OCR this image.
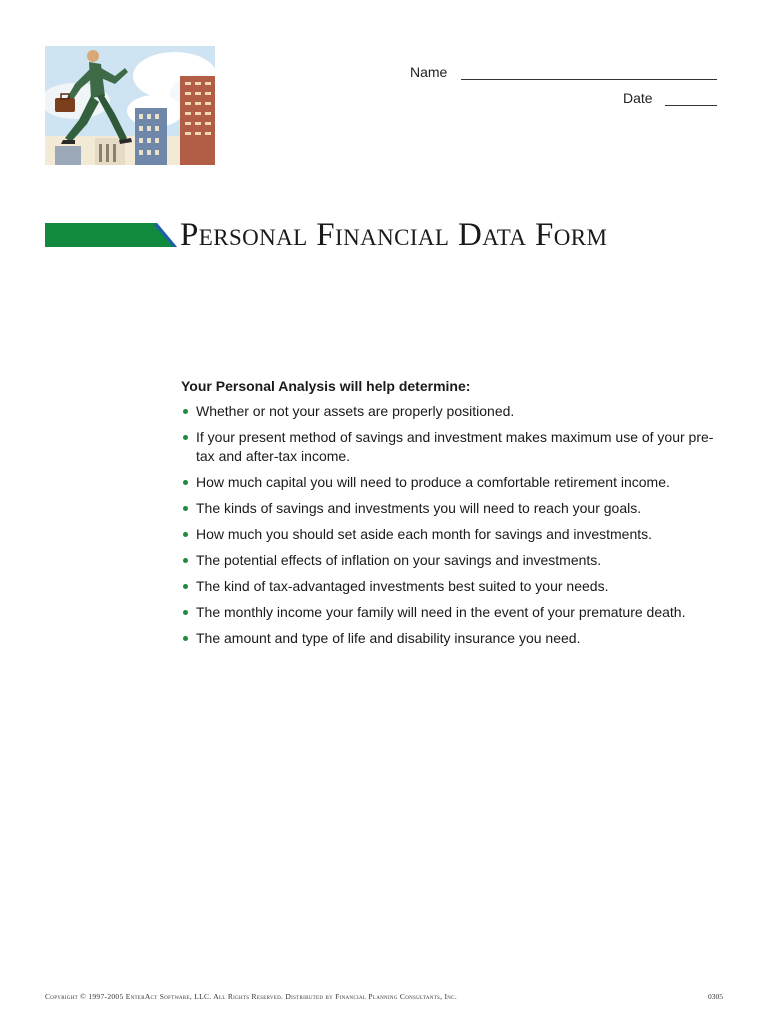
Name
Date
Personal Financial Data Form
Your Personal Analysis will help determine:
Whether or not your assets are properly positioned.
If your present method of savings and investment makes maximum use of your pre-tax and after-tax income.
How much capital you will need to produce a comfortable retirement income.
The kinds of savings and investments you will need to reach your goals.
How much you should set aside each month for savings and investments.
The potential effects of inflation on your savings and investments.
The kind of tax-advantaged investments best suited to your needs.
The monthly income your family will need in the event of your premature death.
The amount and type of life and disability insurance you need.
Copyright © 1997-2005 EnterAct Software, LLC. All Rights Reserved. Distributed by Financial Planning Consultants, Inc.	0305
